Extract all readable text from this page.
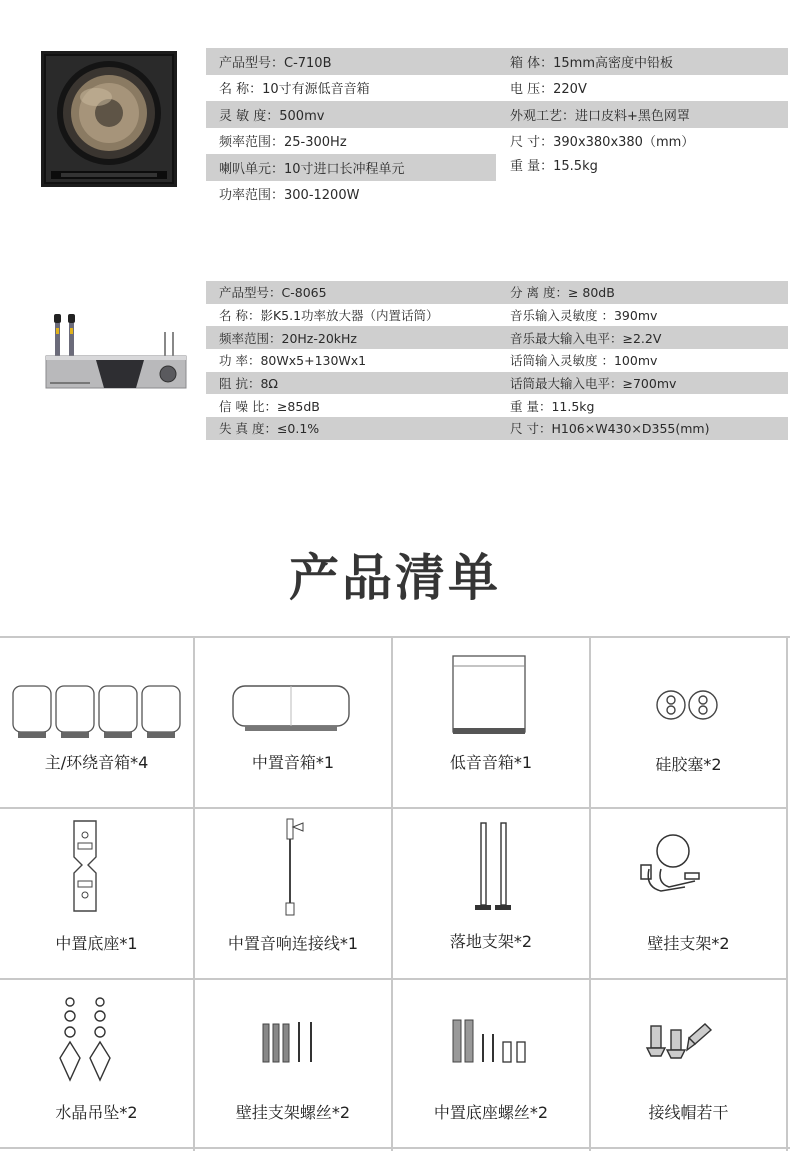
产品型号：C-710B	箱 体：15mm高密度中铅板
名 称：10寸有源低音音箱	电 压：220V
灵 敏 度：500mv	外观工艺：进口皮料+黑色网罩
频率范围：25-300Hz	尺 寸：390x380x380（mm）
喇叭单元：10寸进口长冲程单元	重 量：15.5kg
功率范围：300-1200W
产品型号：C-8065	分 离 度：≥ 80dB
名 称：影K5.1功率放大器（内置话筒）	音乐输入灵敏度 ：390mv
频率范围：20Hz-20kHz	音乐最大输入电平：≥2.2V
功 率：80Wx5+130Wx1	话筒输入灵敏度 ：100mv
阻 抗：8Ω	话筒最大输入电平：≥700mv
信 噪 比：≥85dB	重 量：11.5kg
失 真 度：≤0.1%	尺 寸：H106×W430×D355(mm)
产品清单
主/环绕音箱*4	中置音箱*1	低音音箱*1	硅胶塞*2
中置底座*1	中置音响连接线*1	落地支架*2	壁挂支架*2
水晶吊坠*2	壁挂支架螺丝*2	中置底座螺丝*2	接线帽若干
